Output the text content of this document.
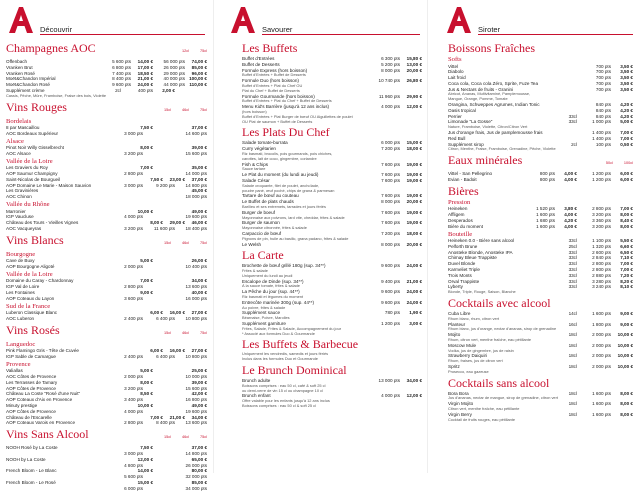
Découvrir
Champagnes AOC	12cl 75cl
Offenbach	5 600 pts	14,00 €	56 000 pts	74,00 €
Vranken Brut	6 800 pts	17,00 €	26 000 pts	85,00 €
Vranken Rosé	7 400 pts	18,50 €	29 000 pts	96,00 €
Moët&Chandon Impérial	8 400 pts	21,00 €	40 000 pts 100,00 €
Moët&Chandon Rosé	9 600 pts	24,00 €	44 000 pts 110,00 €
Supplément crème	2cl	400 pts	2,00 €
Cassis, Pêche, Mûre, Framboise, Fraise des bois, Violette
Vins Rouges	15cl 46cl 75cl
Bordelais
8 par Mascaillou	7,50 €	37,00 €
AOC Bordeaux Supérieur	3 000 pts	14 600 pts
Alsace
Pinot Noir Willy Gisselbrecht	8,00 €	39,00 €
AOC Alsace	3 200 pts	15 600 pts
Vallée de la Loire
Les Graviers du Roy	7,00 €	35,00 €
AOP Saumur Champigny	2 800 pts	14 000 pts
Saint-Nicolas de Bourgueil	7,50 €	23,00 €	37,00 €
AOP Domaine Le Marie - Maison Sauvion	3 000 pts	9 200 pts	14 800 pts
Les Gravinières	45,00 €
AOC Chinon	18 000 pts
Vallée du Rhône
Marronier	10,00 €	49,00 €
IGP Vaucluse	4 000 pts	19 600 pts
Château des Tours - Vieilles Vignes	8,00 €	29,00 €	46,00 €
AOC Vacqueyras	3 200 pts	11 600 pts	18 400 pts
Vins Blancs	15cl 46cl 75cl
Bourgogne
Cave de Buxy	5,00 €	26,00 €
AOP Bourgogne Aligoté	2 000 pts	10 400 pts
Vallée de la Loire
Domaine du Caray - Chardonnay	7,00 €	34,00 €
IGP Val de Loire	2 800 pts	13 600 pts
Les Fontaines	9,00 €	40,00 €
AOP Coteaux du Layon	3 600 pts	16 000 pts
Sud de la France
Luberon Classique Blanc	6,00 €	16,00 €	27,00 €
AOC Luberon	2 400 pts	6 400 pts	10 800 pts
Vins Rosés	15cl 46cl 75cl
Languedoc
Pink Flamingo Gris - Tête de Cuvée	6,00 €	16,00 €	27,00 €
IGP Sable de Camargue	2 400 pts	6 400 pts	10 800 pts
Provence
Valiallas	5,00 €	25,00 €
AOC Côtes de Provence	2 000 pts	10 000 pts
Les Terrasses de Tamary	8,00 €	39,00 €
AOP Côtes de Provence	3 200 pts	15 600 pts
Château La Coste "Rosé d'une Nuit"	8,50 €	42,00 €
AOP Coteaux d'Aix en Provence	3 400 pts	16 800 pts
Minuty prestige	10,00 €	49,00 €
AOP Côtes de Provence	4 000 pts	19 600 pts
Château de l'Escarelle	7,00 €	21,00 €	34,00 €
AOP Coteaux Varois en Provence	2 800 pts	8 400 pts	13 600 pts
Vins Sans Alcool	15cl 46cl 75cl
NOOH Rosé by La Coste	7,50 €	37,00 €
3 000 pts	14 800 pts
NOOH by La Coste	12,00 €	65,00 €
4 800 pts	26 000 pts
French Bloom - Le Blanc	14,00 €	80,00 €
5 600 pts	32 000 pts
French Bloom - Le Rosé	15,00 €	85,00 €
6 000 pts	34 000 pts
Savourer
Les Buffets
Buffet d'Entrées	6 300 pts	15,80 €
Buffet de Desserts	5 200 pts	13,00 €
Formule Express (hors boisson)	8 000 pts	20,00 €
Buffet d'Entrées + Buffet de Desserts
Formule Duo (hors boisson)	10 740 pts	26,80 €
Buffet d'Entrées + Plat du Chef OU
Plat du Chef + Buffet de Desserts
Formule Gourmande (hors boisson)	11 960 pts	29,90 €
Buffet d'Entrées + Plat du Chef + Buffet de Desserts
Menu Kid's Barrière (jusqu'à 12 ans inclus)	4 000 pts	12,00 €
(hors boisson)
Buffet d'Entrées + Plat Burger de bœuf OU Aiguillettes de poulet
OU Plat de saumon + Buffet de Desserts
Les Plats Du Chef
Salade tomate-burrata	6 000 pts	15,00 €
Curry végétarien	7 200 pts	18,00 €
Riz basmati, brocolis, pois gourmands, pois chiches,
carottes, lait de coco, gingembre, coriandre
Fish & Chips	7 600 pts	19,00 €
Sauce tartare
Le Plat du moment (du lundi au jeudi)	7 600 pts	19,00 €
Salade César	7 600 pts	19,00 €
Salade croquante, filet de poulet, anchoïade,
poudre pané, œuf poché, chips de grana & parmesan
Tartare de bœuf au couteau	7 600 pts	19,00 €
Le Buffet de plats chauds	8 000 pts	20,00 €
Bar/lieu et ses entremets, tarrades et jours fériés
Burger de boeuf	7 600 pts	19,00 €
Mayonnaise aux poivrons, lard vite, cheddar, frites & salade
Burger de saumon	7 600 pts	19,00 €
Mayonnaise citronnée, frites & salade
Carpaccio de bœuf	7 200 pts	18,00 €
Pignons de pin, huile au basilic, grana padano, frites & salade
Le Welsh	8 000 pts	20,00 €
La Carte
Brochette de bœuf grillé 180g (sup. 34**)	9 600 pts	24,00 €
Frites & salade
Uniquement du lundi au jeudi
Escalope de Dinde (sup. 34**)	9 400 pts	21,00 €
À la sauce tomate, frites & salade
La Pêche du jour (sup. 44**)	9 600 pts	24,00 €
Riz basmati et légumes du moment
Entrecôte marinée 300g (sup. 44**)	9 600 pts	24,00 €
Au poivre, frites & salade
Supplément sauce	780 pts	1,90 €
Béarnaise, Poivre, Marolles
Supplément garniture	1 200 pts	3,00 €
Frites, Salade, Frites & Salade, Accompagnement du jour
* Associé aux formules Duo & Gourmande
Les Buffets & Barbecue
Uniquement les vendredis, samedis et jours fériés
Inclus dans les formules Duo et Gourmande
Le Brunch Dominical
Brunch adulte	13 000 pts	34,00 €
Boissons comprises : eau 50 cl, café & soft 25 cl
ou demi-verre de vin 15 cl ou champagne 10 cl
Brunch enfant	4 000 pts	12,00 €
Offre valable pour les enfants jusqu'à 12 ans inclus
Boissons comprises : eau 50 cl & soft 25 cl
Siroter
Boissons Fraîches
Softs
Vittel	700 pts	3,50 €
Diabolo	700 pts	3,50 €
Lait froid	700 pts	3,50 €
Coca cola, Coca cola Zéro, Sprite, Fuze Tea	700 pts	3,50 €
Jus & Nectars de fruits - Granini	700 pts	3,50 €
Abricot, Ananas, Multivitaminé, Pamplemousse,
Mangue, Orange, Pomme, Tomate
Orangina, Schweppes Agrumes, Indian Tonic	840 pts	4,20 €
Oasis tropical	840 pts	4,20 €
Perrier	33cl	840 pts	4,20 €
Limonade "La Gosse"	33cl	1 000 pts	5,00 €
Nature, Framboise, Violette, Citron/Citron Vert
Jus d'orange frais, Jus de pamplemousse frais	1 400 pts	7,00 €
Red Bull	1 400 pts	7,00 €
Supplément sirop	2cl	100 pts	0,50 €
Citron, Menthe, Fraise, Framboise, Grenadine, Pêche, Violette
Eaux minérales	50cl 100cl
Vittel - San Pellegrino	800 pts	4,00 €	1 200 pts	6,00 €
Evian - Badoit	800 pts	4,00 €	1 200 pts	6,00 €
Bières
Pression
Heineken	1 520 pts	3,80 €	2 800 pts	7,00 €
Affligem	1 600 pts	4,00 €	3 200 pts	8,00 €
Desperados	1 680 pts	4,20 €	3 360 pts	8,40 €
Bière du moment	1 600 pts	4,00 €	3 200 pts	8,00 €
Bouteille
Heineken 0.0 - Bière sans alcool	33cl	1 100 pts	5,50 €
Pelforth Brune	25cl	1 320 pts	6,60 €
Anosteke Blonde, Anosteke IPA	33cl	2 600 pts	6,50 €
Chimay Bleue Trappiste	33cl	2 840 pts	7,10 €
Duvel Blonde	33cl	2 800 pts	7,00 €
Karmeliet Triple	33cl	2 800 pts	7,00 €
Trois Monts	33cl	2 880 pts	7,20 €
Orval Trappiste	33cl	3 280 pts	8,20 €
Lyberty	33cl	3 240 pts	8,10 €
Blonde, Triple, Rouge, Saison, Blanche
Cocktails avec alcool
Cuba Libre	14cl	1 600 pts	9,00 €
Rhum blanc, rhum, citron vert
Planteur	16cl	1 800 pts	9,00 €
Rhum blanc, jus d'orange, nectar d'ananas, sirop de grenadine
Mojito	18cl	2 000 pts	10,00 €
Rhum, citron vert, menthe fraîche, eau pétillante
Moscow Mule	18cl	2 000 pts	10,00 €
Vodka, jus de gingembre, jus de raisin
Strawberry Daiquiri	18cl	2 000 pts	10,00 €
Rhum, fraises, jus de citron vert
Spritz	18cl	2 000 pts	10,00 €
Prosecco, eau gazeuse
Cocktails sans alcool
Bora Bora	18cl	1 600 pts	8,00 €
Jus d'ananas, nectar de mangue, sirop de grenadine, citron vert
Virgin Mojito	18cl	1 600 pts	8,00 €
Citron vert, menthe fraîche, eau pétillante
Virgin Berry	18cl	1 600 pts	8,00 €
Cocktail de fruits rouges, eau pétillante
